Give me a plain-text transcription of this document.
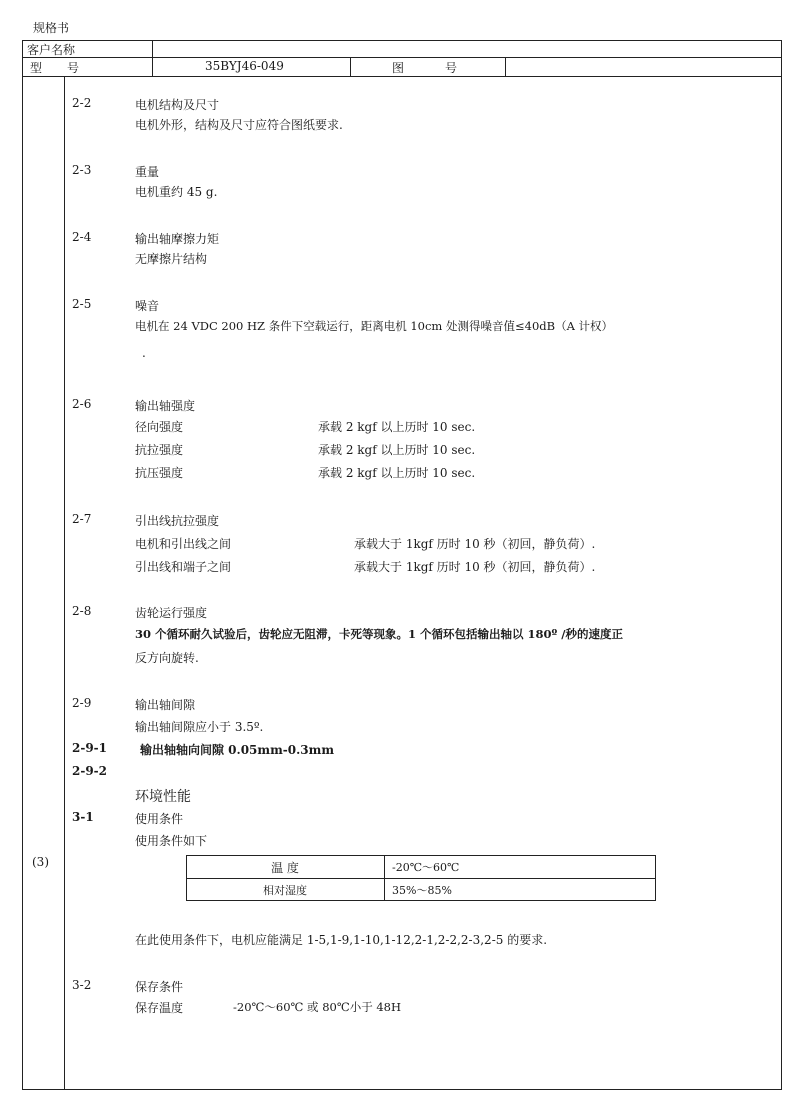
规格书
客户名称
型 号	35BYJ46-049	图	号
(3)
2-2	电机结构及尺寸
电机外形，结构及尺寸应符合图纸要求.
2-3	重量
电机重约 45 g.
2-4	输出轴摩擦力矩
无摩擦片结构
2-5	噪音
电机在 24 VDC 200 HZ 条件下空载运行，距离电机 10cm 处测得噪音值≤40dB（A 计权）
.
2-6	输出轴强度
径向强度	承载 2 kgf 以上历时 10 sec.
抗拉强度	承载 2 kgf 以上历时 10 sec.
抗压强度	承载 2 kgf 以上历时 10 sec.
2-7	引出线抗拉强度
电机和引出线之间	承载大于 1kgf 历时 10 秒（初回，静负荷）.
引出线和端子之间	承载大于 1kgf 历时 10 秒（初回，静负荷）.
2-8	齿轮运行强度
30 个循环耐久试验后，齿轮应无阻滞，卡死等现象。1 个循环包括输出轴以 180º /秒的速度正
反方向旋转.
2-9	输出轴间隙
输出轴间隙应小于 3.5º.
2-9-1	输出轴轴向间隙 0.05mm-0.3mm
2-9-2
环境性能
3-1	使用条件
使用条件如下
温 度	-20℃～60℃
相对湿度	35%～85%
在此使用条件下，电机应能满足 1-5,1-9,1-10,1-12,2-1,2-2,2-3,2-5 的要求.
3-2	保存条件
保存温度	-20℃～60℃ 或 80℃小于 48H
